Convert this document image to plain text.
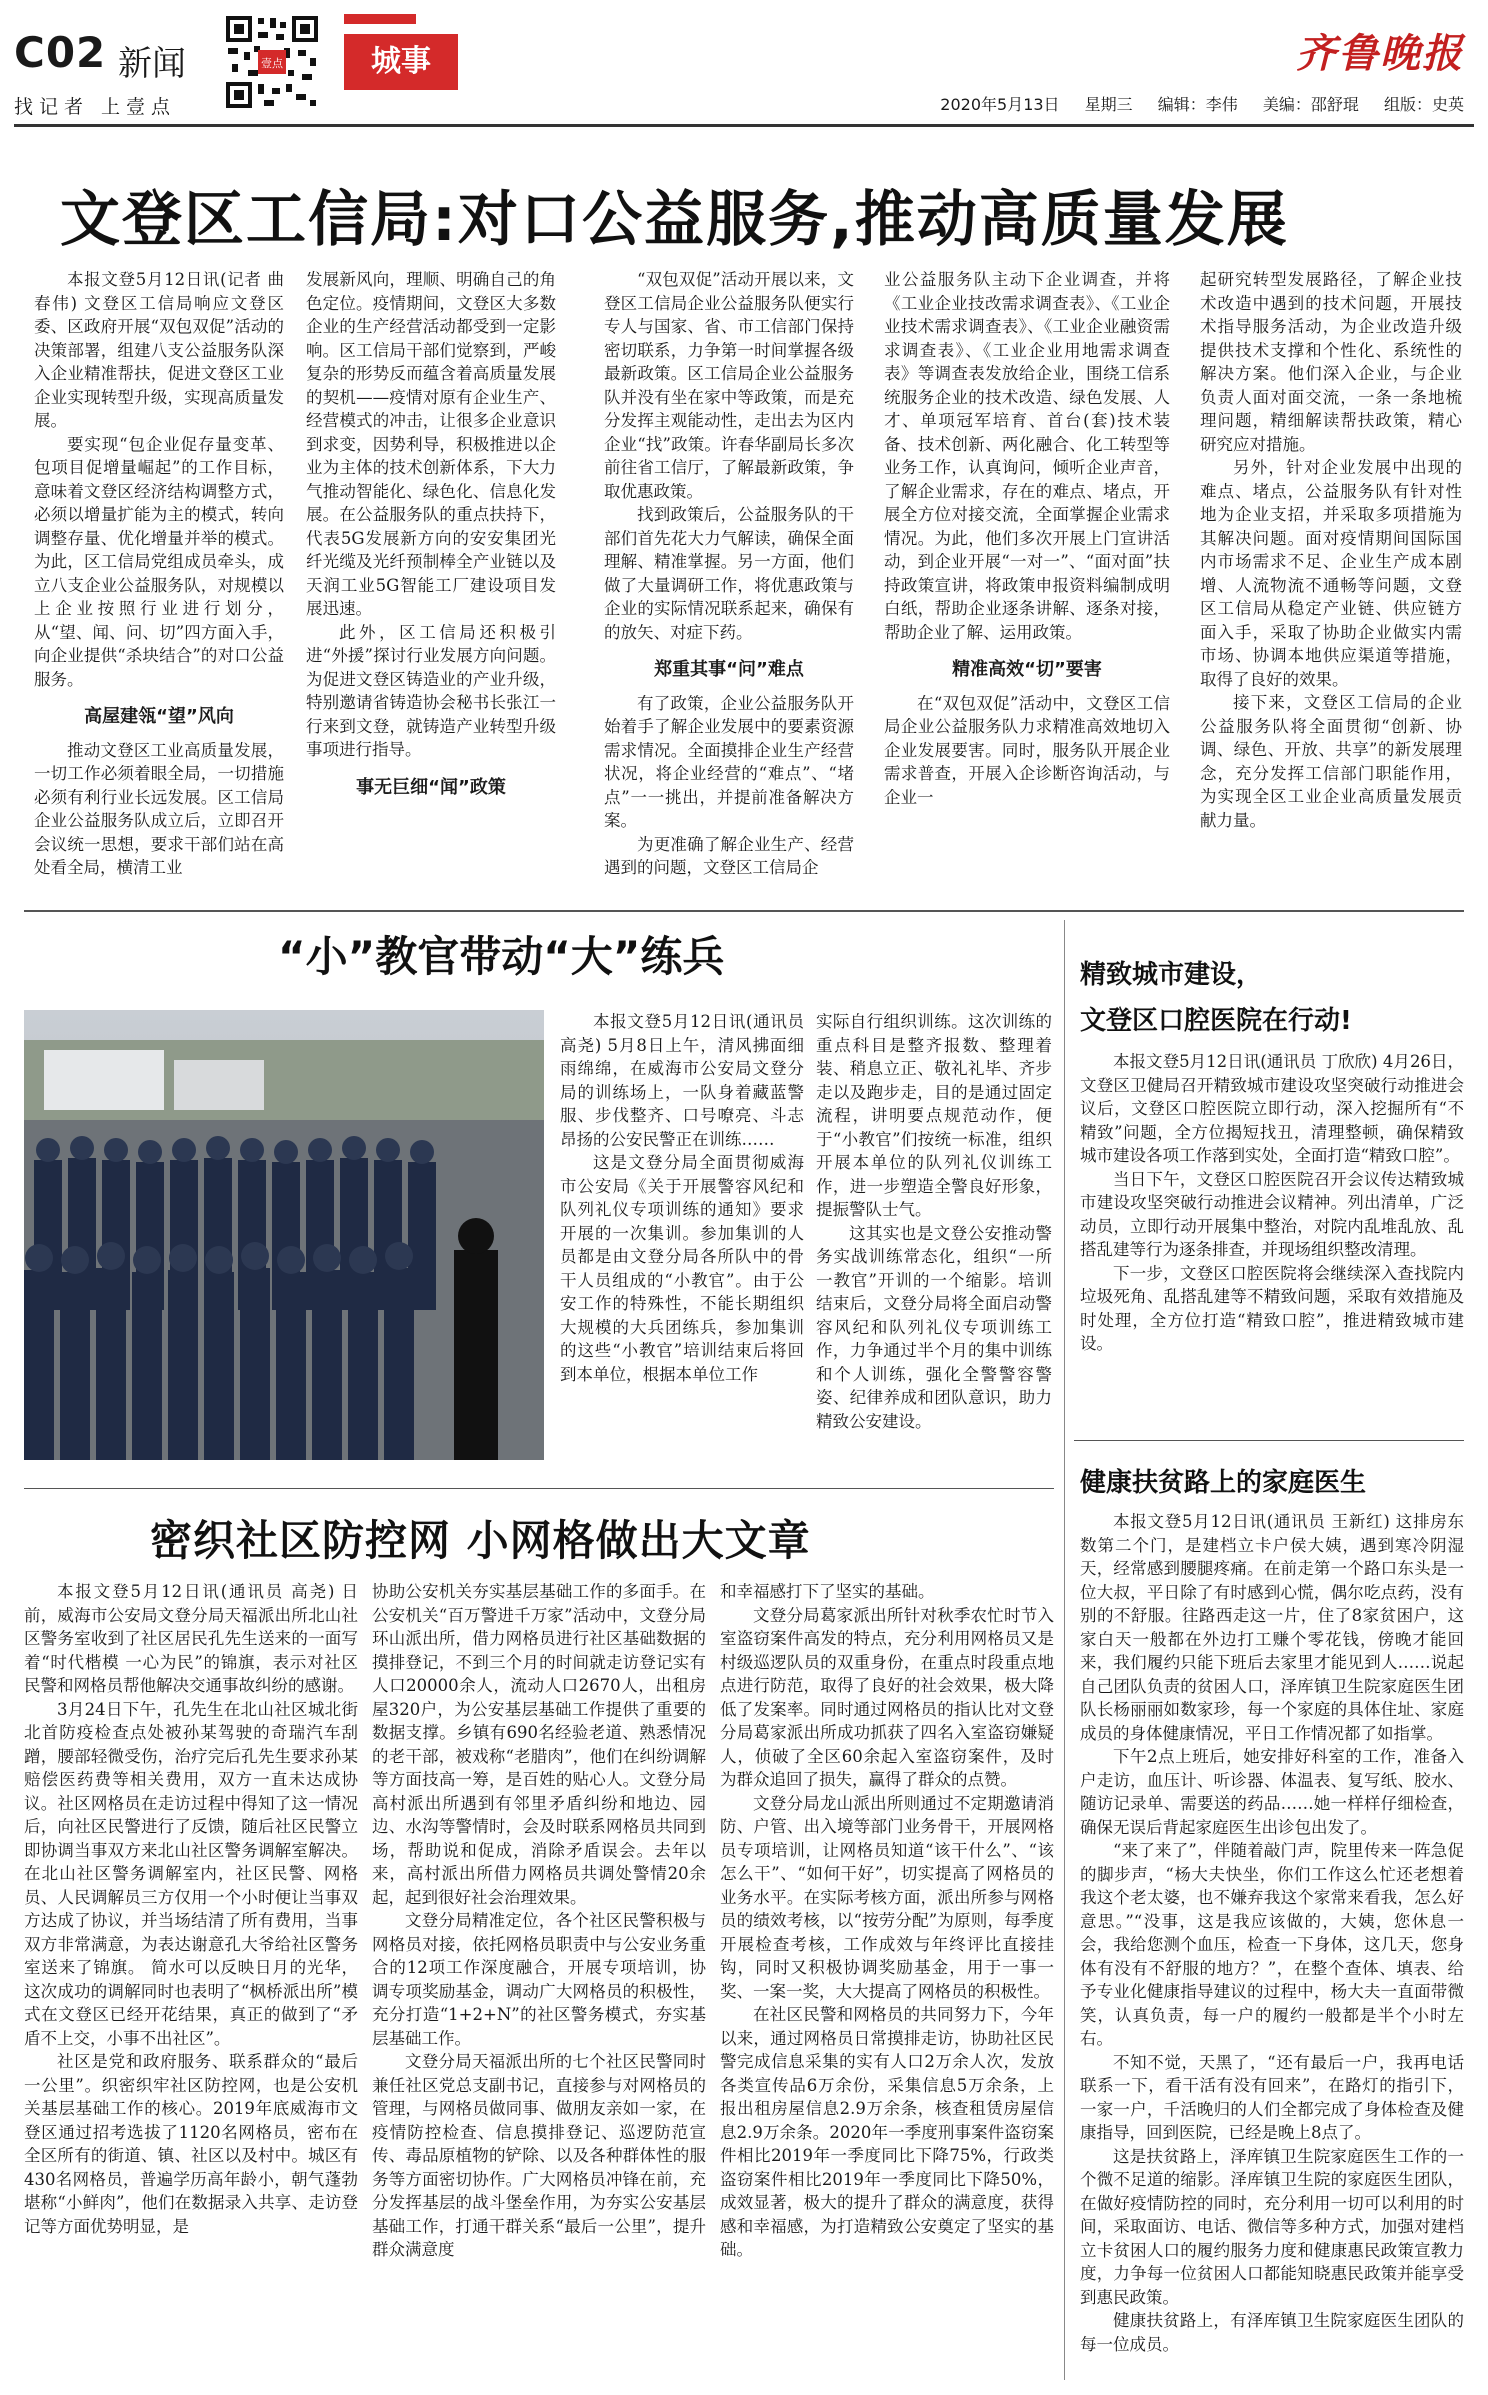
C02 新闻
找记者 上壹点
壹点	城事	齐鲁晚报
2020年5月13日 星期三 编辑：李伟 美编：邵舒琨 组版：史英
文登区工信局:对口公益服务,推动高质量发展

本报文登5月12日讯(记者 曲春伟) 文登区工信局响应文登区委、区政府开展“双包双促”活动的决策部署，组建八支公益服务队深入企业精准帮扶，促进文登区工业企业实现转型升级，实现高质量发展。

要实现“包企业促存量变革、包项目促增量崛起”的工作目标，意味着文登区经济结构调整方式，必须以增量扩能为主的模式，转向调整存量、优化增量并举的模式。为此，区工信局党组成员牵头，成立八支企业公益服务队，对规模以上企业按照行业进行划分，从“望、闻、问、切”四方面入手，向企业提供“杀块结合”的对口公益服务。

高屋建瓴“望”风向

推动文登区工业高质量发展，一切工作必须着眼全局，一切措施必须有利行业长远发展。区工信局企业公益服务队成立后，立即召开会议统一思想，要求干部们站在高处看全局，横清工业

发展新风向，理顺、明确自己的角色定位。疫情期间，文登区大多数企业的生产经营活动都受到一定影响。区工信局干部们觉察到，严峻复杂的形势反而蕴含着高质量发展的契机——疫情对原有企业生产、经营模式的冲击，让很多企业意识到求变，因势利导，积极推进以企业为主体的技术创新体系，下大力气推动智能化、绿色化、信息化发展。在公益服务队的重点扶持下，代表5G发展新方向的安安集团光纤光缆及光纤预制棒全产业链以及天润工业5G智能工厂建设项目发展迅速。

此外，区工信局还积极引进“外援”探讨行业发展方向问题。为促进文登区铸造业的产业升级，特别邀请省铸造协会秘书长张江一行来到文登，就铸造产业转型升级事项进行指导。

事无巨细“闻”政策

“双包双促”活动开展以来，文登区工信局企业公益服务队便实行专人与国家、省、市工信部门保持密切联系，力争第一时间掌握各级最新政策。区工信局企业公益服务队并没有坐在家中等政策，而是充分发挥主观能动性，走出去为区内企业“找”政策。许春华副局长多次前往省工信厅，了解最新政策，争取优惠政策。

找到政策后，公益服务队的干部们首先花大力气解读，确保全面理解、精准掌握。另一方面，他们做了大量调研工作，将优惠政策与企业的实际情况联系起来，确保有的放矢、对症下药。

郑重其事“问”难点

有了政策，企业公益服务队开始着手了解企业发展中的要素资源需求情况。全面摸排企业生产经营状况，将企业经营的“难点”、“堵点”一一挑出，并提前准备解决方案。

为更准确了解企业生产、经营遇到的问题，文登区工信局企

业公益服务队主动下企业调查，并将《工业企业技改需求调查表》、《工业企业技术需求调查表》、《工业企业融资需求调查表》、《工业企业用地需求调查表》等调查表发放给企业，围绕工信系统服务企业的技术改造、绿色发展、人才、单项冠军培育、首台(套)技术装备、技术创新、两化融合、化工转型等业务工作，认真询问，倾听企业声音，了解企业需求，存在的难点、堵点，开展全方位对接交流，全面掌握企业需求情况。为此，他们多次开展上门宣讲活动，到企业开展“一对一”、“面对面”扶持政策宣讲，将政策申报资料编制成明白纸，帮助企业逐条讲解、逐条对接，帮助企业了解、运用政策。

精准高效“切”要害

在“双包双促”活动中，文登区工信局企业公益服务队力求精准高效地切入企业发展要害。同时，服务队开展企业需求普查，开展入企诊断咨询活动，与企业一

起研究转型发展路径，了解企业技术改造中遇到的技术问题，开展技术指导服务活动，为企业改造升级提供技术支撑和个性化、系统性的解决方案。他们深入企业，与企业负责人面对面交流，一条一条地梳理问题，精细解读帮扶政策，精心研究应对措施。

另外，针对企业发展中出现的难点、堵点，公益服务队有针对性地为企业支招，并采取多项措施为其解决问题。面对疫情期间国际国内市场需求不足、企业生产成本剧增、人流物流不通畅等问题，文登区工信局从稳定产业链、供应链方面入手，采取了协助企业做实内需市场、协调本地供应渠道等措施，取得了良好的效果。

接下来，文登区工信局的企业公益服务队将全面贯彻“创新、协调、绿色、开放、共享”的新发展理念，充分发挥工信部门职能作用，为实现全区工业企业高质量发展贡献力量。

“小”教官带动“大”练兵

本报文登5月12日讯(通讯员 高尧) 5月8日上午，清风拂面细雨绵绵，在威海市公安局文登分局的训练场上，一队身着藏蓝警服、步伐整齐、口号嘹亮、斗志昂扬的公安民警正在训练……

这是文登分局全面贯彻威海市公安局《关于开展警容风纪和队列礼仪专项训练的通知》要求开展的一次集训。参加集训的人员都是由文登分局各所队中的骨干人员组成的“小教官”。由于公安工作的特殊性，不能长期组织大规模的大兵团练兵，参加集训的这些“小教官”培训结束后将回到本单位，根据本单位工作

实际自行组织训练。这次训练的重点科目是整齐报数、整理着装、稍息立正、敬礼礼毕、齐步走以及跑步走，目的是通过固定流程，讲明要点规范动作，便于“小教官”们按统一标准，组织开展本单位的队列礼仪训练工作，进一步塑造全警良好形象，提振警队士气。

这其实也是文登公安推动警务实战训练常态化，组织“一所一教官”开训的一个缩影。培训结束后，文登分局将全面启动警容风纪和队列礼仪专项训练工作，力争通过半个月的集中训练和个人训练，强化全警警容警姿、纪律养成和团队意识，助力精致公安建设。

精致城市建设，
文登区口腔医院在行动!

本报文登5月12日讯(通讯员 丁欣欣) 4月26日，文登区卫健局召开精致城市建设攻坚突破行动推进会议后，文登区口腔医院立即行动，深入挖掘所有“不精致”问题，全方位揭短找丑，清理整顿，确保精致城市建设各项工作落到实处，全面打造“精致口腔”。

当日下午，文登区口腔医院召开会议传达精致城市建设攻坚突破行动推进会议精神。列出清单，广泛动员，立即行动开展集中整治，对院内乱堆乱放、乱搭乱建等行为逐条排查，并现场组织整改清理。

下一步，文登区口腔医院将会继续深入查找院内垃圾死角、乱搭乱建等不精致问题，采取有效措施及时处理，全方位打造“精致口腔”，推进精致城市建设。

密织社区防控网 小网格做出大文章

本报文登5月12日讯(通讯员 高尧) 日前，威海市公安局文登分局天福派出所北山社区警务室收到了社区居民孔先生送来的一面写着“时代楷模 一心为民”的锦旗，表示对社区民警和网格员帮他解决交通事故纠纷的感谢。

3月24日下午，孔先生在北山社区城北街北首防疫检查点处被孙某驾驶的奇瑞汽车刮蹭，腰部轻微受伤，治疗完后孔先生要求孙某赔偿医药费等相关费用，双方一直未达成协议。社区网格员在走访过程中得知了这一情况后，向社区民警进行了反馈，随后社区民警立即协调当事双方来北山社区警务调解室解决。在北山社区警务调解室内，社区民警、网格员、人民调解员三方仅用一个小时便让当事双方达成了协议，并当场结清了所有费用，当事双方非常满意，为表达谢意孔大爷给社区警务室送来了锦旗。 简水可以反映日月的光华，这次成功的调解同时也表明了“枫桥派出所”模式在文登区已经开花结果，真正的做到了“矛盾不上交，小事不出社区”。

社区是党和政府服务、联系群众的“最后一公里”。织密织牢社区防控网，也是公安机关基层基础工作的核心。2019年底威海市文登区通过招考选拔了1120名网格员，密布在全区所有的街道、镇、社区以及村中。城区有430名网格员，普遍学历高年龄小，朝气蓬勃堪称“小鲜肉”，他们在数据录入共享、走访登记等方面优势明显，是

协助公安机关夯实基层基础工作的多面手。在公安机关“百万警进千万家”活动中，文登分局环山派出所，借力网格员进行社区基础数据的摸排登记，不到三个月的时间就走访登记实有人口20000余人，流动人口2670人，出租房屋320户，为公安基层基础工作提供了重要的数据支撑。乡镇有690名经验老道、熟悉情况的老干部，被戏称“老腊肉”，他们在纠纷调解等方面技高一筹，是百姓的贴心人。文登分局高村派出所遇到有邻里矛盾纠纷和地边、园边、水沟等警情时，会及时联系网格员共同到场，帮助说和促成，消除矛盾误会。去年以来，高村派出所借力网格员共调处警情20余起，起到很好社会治理效果。

文登分局精准定位，各个社区民警积极与网格员对接，依托网格员职责中与公安业务重合的12项工作深度融合，开展专项培训，协调专项奖励基金，调动广大网格员的积极性，充分打造“1+2+N”的社区警务模式，夯实基层基础工作。

文登分局天福派出所的七个社区民警同时兼任社区党总支副书记，直接参与对网格员的管理，与网格员做同事、做朋友亲如一家，在疫情防控检查、信息摸排登记、巡逻防范宣传、毒品原植物的铲除、以及各种群体性的服务等方面密切协作。广大网格员冲锋在前，充分发挥基层的战斗堡垒作用，为夯实公安基层基础工作，打通干群关系“最后一公里”，提升群众满意度

和幸福感打下了坚实的基础。

文登分局葛家派出所针对秋季农忙时节入室盗窃案件高发的特点，充分利用网格员又是村级巡逻队员的双重身份，在重点时段重点地点进行防范，取得了良好的社会效果，极大降低了发案率。同时通过网格员的指认比对文登分局葛家派出所成功抓获了四名入室盗窃嫌疑人，侦破了全区60余起入室盗窃案件，及时为群众追回了损失，赢得了群众的点赞。

文登分局龙山派出所则通过不定期邀请消防、户管、出入境等部门业务骨干，开展网格员专项培训，让网格员知道“该干什么”、“该怎么干”、“如何干好”，切实提高了网格员的业务水平。在实际考核方面，派出所参与网格员的绩效考核，以“按劳分配”为原则，每季度开展检查考核，工作成效与年终评比直接挂钩，同时又积极协调奖励基金，用于一事一奖、一案一奖，大大提高了网格员的积极性。

在社区民警和网格员的共同努力下，今年以来，通过网格员日常摸排走访，协助社区民警完成信息采集的实有人口2万余人次，发放各类宣传品6万余份，采集信息5万余条，上报出租房屋信息2.9万余条，核查租赁房屋信息2.9万余条。2020年一季度刑事案件盗窃案件相比2019年一季度同比下降75%，行政类盗窃案件相比2019年一季度同比下降50%，成效显著，极大的提升了群众的满意度，获得感和幸福感，为打造精致公安奠定了坚实的基础。

健康扶贫路上的家庭医生

本报文登5月12日讯(通讯员 王新红) 这排房东数第二个门，是建档立卡户侯大姨，遇到寒冷阴湿天，经常感到腰腿疼痛。在前走第一个路口东头是一位大叔，平日除了有时感到心慌，偶尔吃点药，没有别的不舒服。往路西走这一片，住了8家贫困户，这家白天一般都在外边打工赚个零花钱，傍晚才能回来，我们履约只能下班后去家里才能见到人……说起自己团队负责的贫困人口，泽库镇卫生院家庭医生团队长杨丽丽如数家珍，每一个家庭的具体住址、家庭成员的身体健康情况，平日工作情况都了如指掌。

下午2点上班后，她安排好科室的工作，准备入户走访，血压计、听诊器、体温表、复写纸、胶水、随访记录单、需要送的药品……她一样样仔细检查，确保无误后背起家庭医生出诊包出发了。

“来了来了”，伴随着敲门声，院里传来一阵急促的脚步声，“杨大夫快坐，你们工作这么忙还老想着我这个老太婆，也不嫌弃我这个家常来看我，怎么好意思。”“没事，这是我应该做的，大姨，您休息一会，我给您测个血压，检查一下身体，这几天，您身体有没有不舒服的地方？”，在整个查体、填表、给予专业化健康指导建议的过程中，杨大夫一直面带微笑，认真负责，每一户的履约一般都是半个小时左右。

不知不觉，天黑了，“还有最后一户，我再电话联系一下，看干活有没有回来”，在路灯的指引下，一家一户，千活晚归的人们全都完成了身体检查及健康指导，回到医院，已经是晚上8点了。

这是扶贫路上，泽库镇卫生院家庭医生工作的一个微不足道的缩影。泽库镇卫生院的家庭医生团队，在做好疫情防控的同时，充分利用一切可以利用的时间，采取面访、电话、微信等多种方式，加强对建档立卡贫困人口的履约服务力度和健康惠民政策宣教力度，力争每一位贫困人口都能知晓惠民政策并能享受到惠民政策。

健康扶贫路上，有泽库镇卫生院家庭医生团队的每一位成员。
